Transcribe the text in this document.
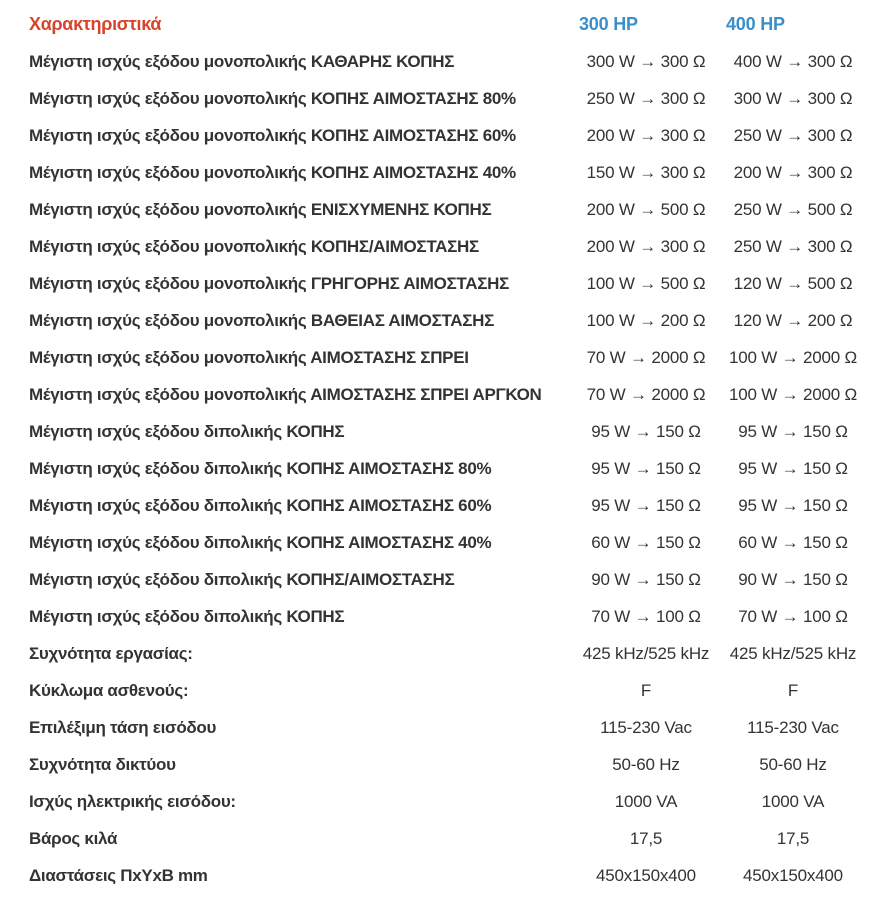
Χαρακτηριστικά	300 HP	400 HP
Μέγιστη ισχύς εξόδου μονοπολικής ΚΑΘΑΡΗΣ ΚΟΠΗΣ	300 W → 300 Ω	400 W → 300 Ω
Μέγιστη ισχύς εξόδου μονοπολικής ΚΟΠΗΣ ΑΙΜΟΣΤΑΣΗΣ 80%	250 W → 300 Ω	300 W → 300 Ω
Μέγιστη ισχύς εξόδου μονοπολικής ΚΟΠΗΣ ΑΙΜΟΣΤΑΣΗΣ 60%	200 W → 300 Ω	250 W → 300 Ω
Μέγιστη ισχύς εξόδου μονοπολικής ΚΟΠΗΣ ΑΙΜΟΣΤΑΣΗΣ 40%	150 W → 300 Ω	200 W → 300 Ω
Μέγιστη ισχύς εξόδου μονοπολικής ΕΝΙΣΧΥΜΕΝΗΣ ΚΟΠΗΣ	200 W → 500 Ω	250 W → 500 Ω
Μέγιστη ισχύς εξόδου μονοπολικής ΚΟΠΗΣ/ΑΙΜΟΣΤΑΣΗΣ	200 W → 300 Ω	250 W → 300 Ω
Μέγιστη ισχύς εξόδου μονοπολικής ΓΡΗΓΟΡΗΣ ΑΙΜΟΣΤΑΣΗΣ	100 W → 500 Ω	120 W → 500 Ω
Μέγιστη ισχύς εξόδου μονοπολικής ΒΑΘΕΙΑΣ ΑΙΜΟΣΤΑΣΗΣ	100 W → 200 Ω	120 W → 200 Ω
Μέγιστη ισχύς εξόδου μονοπολικής ΑΙΜΟΣΤΑΣΗΣ ΣΠΡΕΙ	70 W → 2000 Ω	100 W → 2000 Ω
Μέγιστη ισχύς εξόδου μονοπολικής ΑΙΜΟΣΤΑΣΗΣ ΣΠΡΕΙ ΑΡΓΚΟΝ	70 W → 2000 Ω	100 W → 2000 Ω
Μέγιστη ισχύς εξόδου διπολικής ΚΟΠΗΣ	95 W → 150 Ω	95 W → 150 Ω
Μέγιστη ισχύς εξόδου διπολικής ΚΟΠΗΣ ΑΙΜΟΣΤΑΣΗΣ 80%	95 W → 150 Ω	95 W → 150 Ω
Μέγιστη ισχύς εξόδου διπολικής ΚΟΠΗΣ ΑΙΜΟΣΤΑΣΗΣ 60%	95 W → 150 Ω	95 W → 150 Ω
Μέγιστη ισχύς εξόδου διπολικής ΚΟΠΗΣ ΑΙΜΟΣΤΑΣΗΣ 40%	60 W → 150 Ω	60 W → 150 Ω
Μέγιστη ισχύς εξόδου διπολικής ΚΟΠΗΣ/ΑΙΜΟΣΤΑΣΗΣ	90 W → 150 Ω	90 W → 150 Ω
Μέγιστη ισχύς εξόδου διπολικής ΚΟΠΗΣ	70 W → 100 Ω	70 W → 100 Ω
Συχνότητα εργασίας:	425 kHz/525 kHz	425 kHz/525 kHz
Κύκλωμα ασθενούς:	F	F
Επιλέξιμη τάση εισόδου	115-230 Vac	115-230 Vac
Συχνότητα δικτύου	50-60 Hz	50-60 Hz
Ισχύς ηλεκτρικής εισόδου:	1000 VA	1000 VA
Βάρος κιλά	17,5	17,5
Διαστάσεις ΠxΥxΒ mm	450x150x400	450x150x400
